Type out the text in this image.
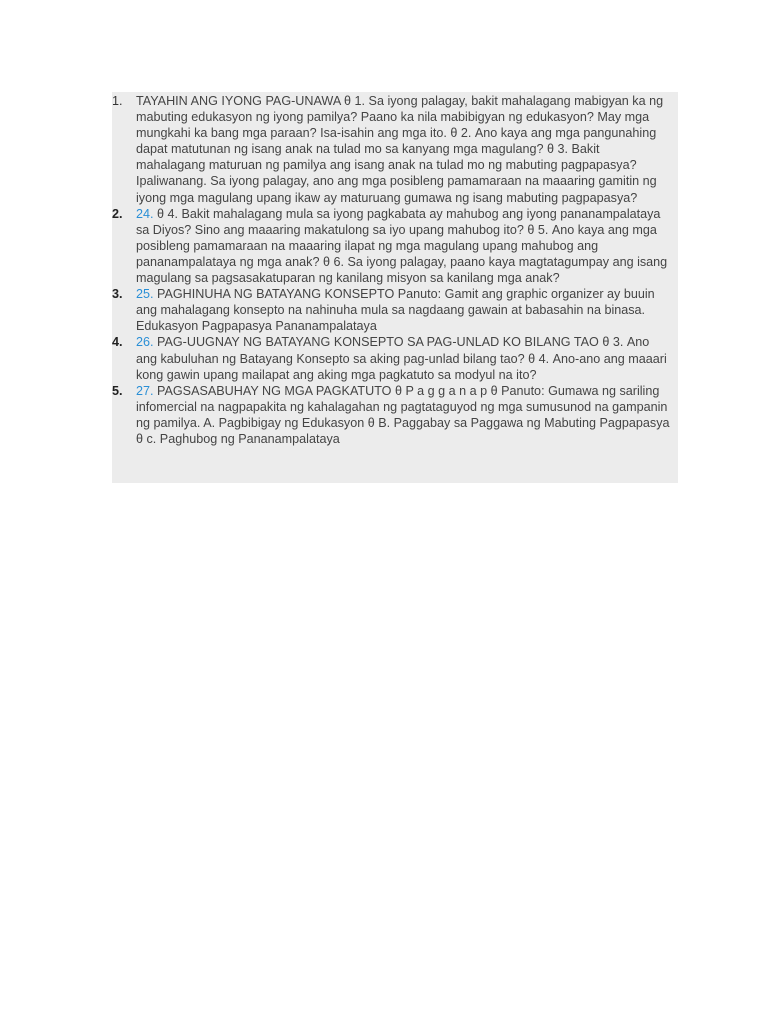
1.	TAYAHIN ANG IYONG PAG-UNAWA θ 1. Sa iyong palagay, bakit mahalagang mabigyan ka ng mabuting edukasyon ng iyong pamilya? Paano ka nila mabibigyan ng edukasyon? May mga mungkahi ka bang mga paraan? Isa-isahin ang mga ito. θ 2. Ano kaya ang mga pangunahing dapat matutunan ng isang anak na tulad mo sa kanyang mga magulang? θ 3. Bakit mahalagang maturuan ng pamilya ang isang anak na tulad mo ng mabuting pagpapasya? Ipaliwanang. Sa iyong palagay, ano ang mga posibleng pamamaraan na maaaring gamitin ng iyong mga magulang upang ikaw ay maturuang gumawa ng isang mabuting pagpapasya?
2.	24. θ 4. Bakit mahalagang mula sa iyong pagkabata ay mahubog ang iyong pananampalataya sa Diyos? Sino ang maaaring makatulong sa iyo upang mahubog ito? θ 5. Ano kaya ang mga posibleng pamamaraan na maaaring ilapat ng mga magulang upang mahubog ang pananampalataya ng mga anak? θ 6. Sa iyong palagay, paano kaya magtatagumpay ang isang magulang sa pagsasakatuparan ng kanilang misyon sa kanilang mga anak?
3.	25. PAGHINUHA NG BATAYANG KONSEPTO Panuto: Gamit ang graphic organizer ay buuin ang mahalagang konsepto na nahinuha mula sa nagdaang gawain at babasahin na binasa. Edukasyon Pagpapasya Pananampalataya
4.	26. PAG-UUGNAY NG BATAYANG KONSEPTO SA PAG-UNLAD KO BILANG TAO θ 3. Ano ang kabuluhan ng Batayang Konsepto sa aking pag-unlad bilang tao? θ 4. Ano-ano ang maaari kong gawin upang mailapat ang aking mga pagkatuto sa modyul na ito?
5.	27. PAGSASABUHAY NG MGA PAGKATUTO θ P a g g a n a p θ Panuto: Gumawa ng sariling infomercial na nagpapakita ng kahalagahan ng pagtataguyod ng mga sumusunod na gampanin ng pamilya. A. Pagbibigay ng Edukasyon θ B. Paggabay sa Paggawa ng Mabuting Pagpapasya θ c. Paghubog ng Pananampalataya
